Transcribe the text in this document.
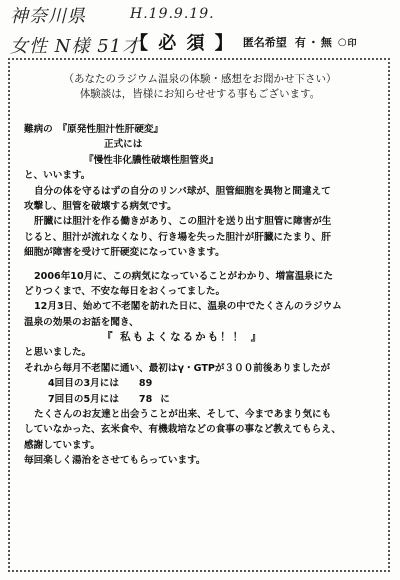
神奈川県	H.19.9.19.
女性 N様 51才
【 必 須 】 匿名希望 有 ・ 無 ○ 印
（あなたのラジウム温泉の体験・感想をお聞かせ下さい）
体験談は，皆様にお知らせせする事もございます。
難病の　 『原発性胆汁性肝硬変』
正式には
『慢性非化膿性破壊性胆管炎』
と、いいます。
自分の体を守るはずの自分のリンパ球が、胆管細胞を異物と間違えて
攻撃し、胆管を破壊する病気です。
肝臓には胆汁を作る働きがあり、この胆汁を送り出す胆管に障害が生
じると、胆汁が流れなくなり、行き場を失った胆汁が肝臓にたまり、肝
細胞が障害を受けて肝硬変になっていきます。
2006年10月に、この病気になっていることがわかり、増富温泉にた
どりつくまで、不安な毎日をおくってました。
12月3日、始めて不老閣を訪れた日に、温泉の中でたくさんのラジウム
温泉の効果のお話を聞き、
『 私もよくなるかも！！ 』
と思いました。
それから毎月不老閣に通い、最初はγ・GTPが３００前後ありましたが
4回目の3月には 89
7回目の5月には 78 に
たくさんのお友達と出会うことが出来、そして、今まであまり気にも
していなかった、玄米食や、有機栽培などの食事の事など教えてもらえ、
感謝しています。
毎回楽しく湯治をさせてもらっています。
